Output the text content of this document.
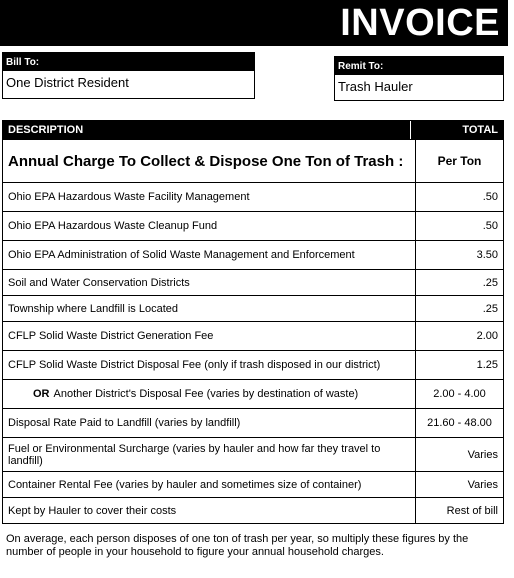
INVOICE
Bill To:
One District Resident
Remit To:
Trash Hauler
DESCRIPTION	TOTAL
Annual Charge To Collect & Dispose One Ton of Trash :	Per Ton
Ohio EPA Hazardous Waste Facility Management	.50
Ohio EPA Hazardous Waste Cleanup Fund	.50
Ohio EPA Administration of Solid Waste Management and Enforcement	3.50
Soil and Water Conservation Districts	.25
Township where Landfill is Located	.25
CFLP Solid Waste District Generation Fee	2.00
CFLP Solid Waste District Disposal Fee (only if trash disposed in our district)	1.25
OR Another District's Disposal Fee (varies by destination of waste)	2.00 - 4.00
Disposal Rate Paid to Landfill (varies by landfill)	21.60 - 48.00
Fuel or Environmental Surcharge (varies by hauler and how far they travel to landfill)	Varies
Container Rental Fee (varies by hauler and sometimes size of container)	Varies
Kept by Hauler to cover their costs	Rest of bill
On average, each person disposes of one ton of trash per year, so multiply these figures by the number of people in your household to figure your annual household charges.
